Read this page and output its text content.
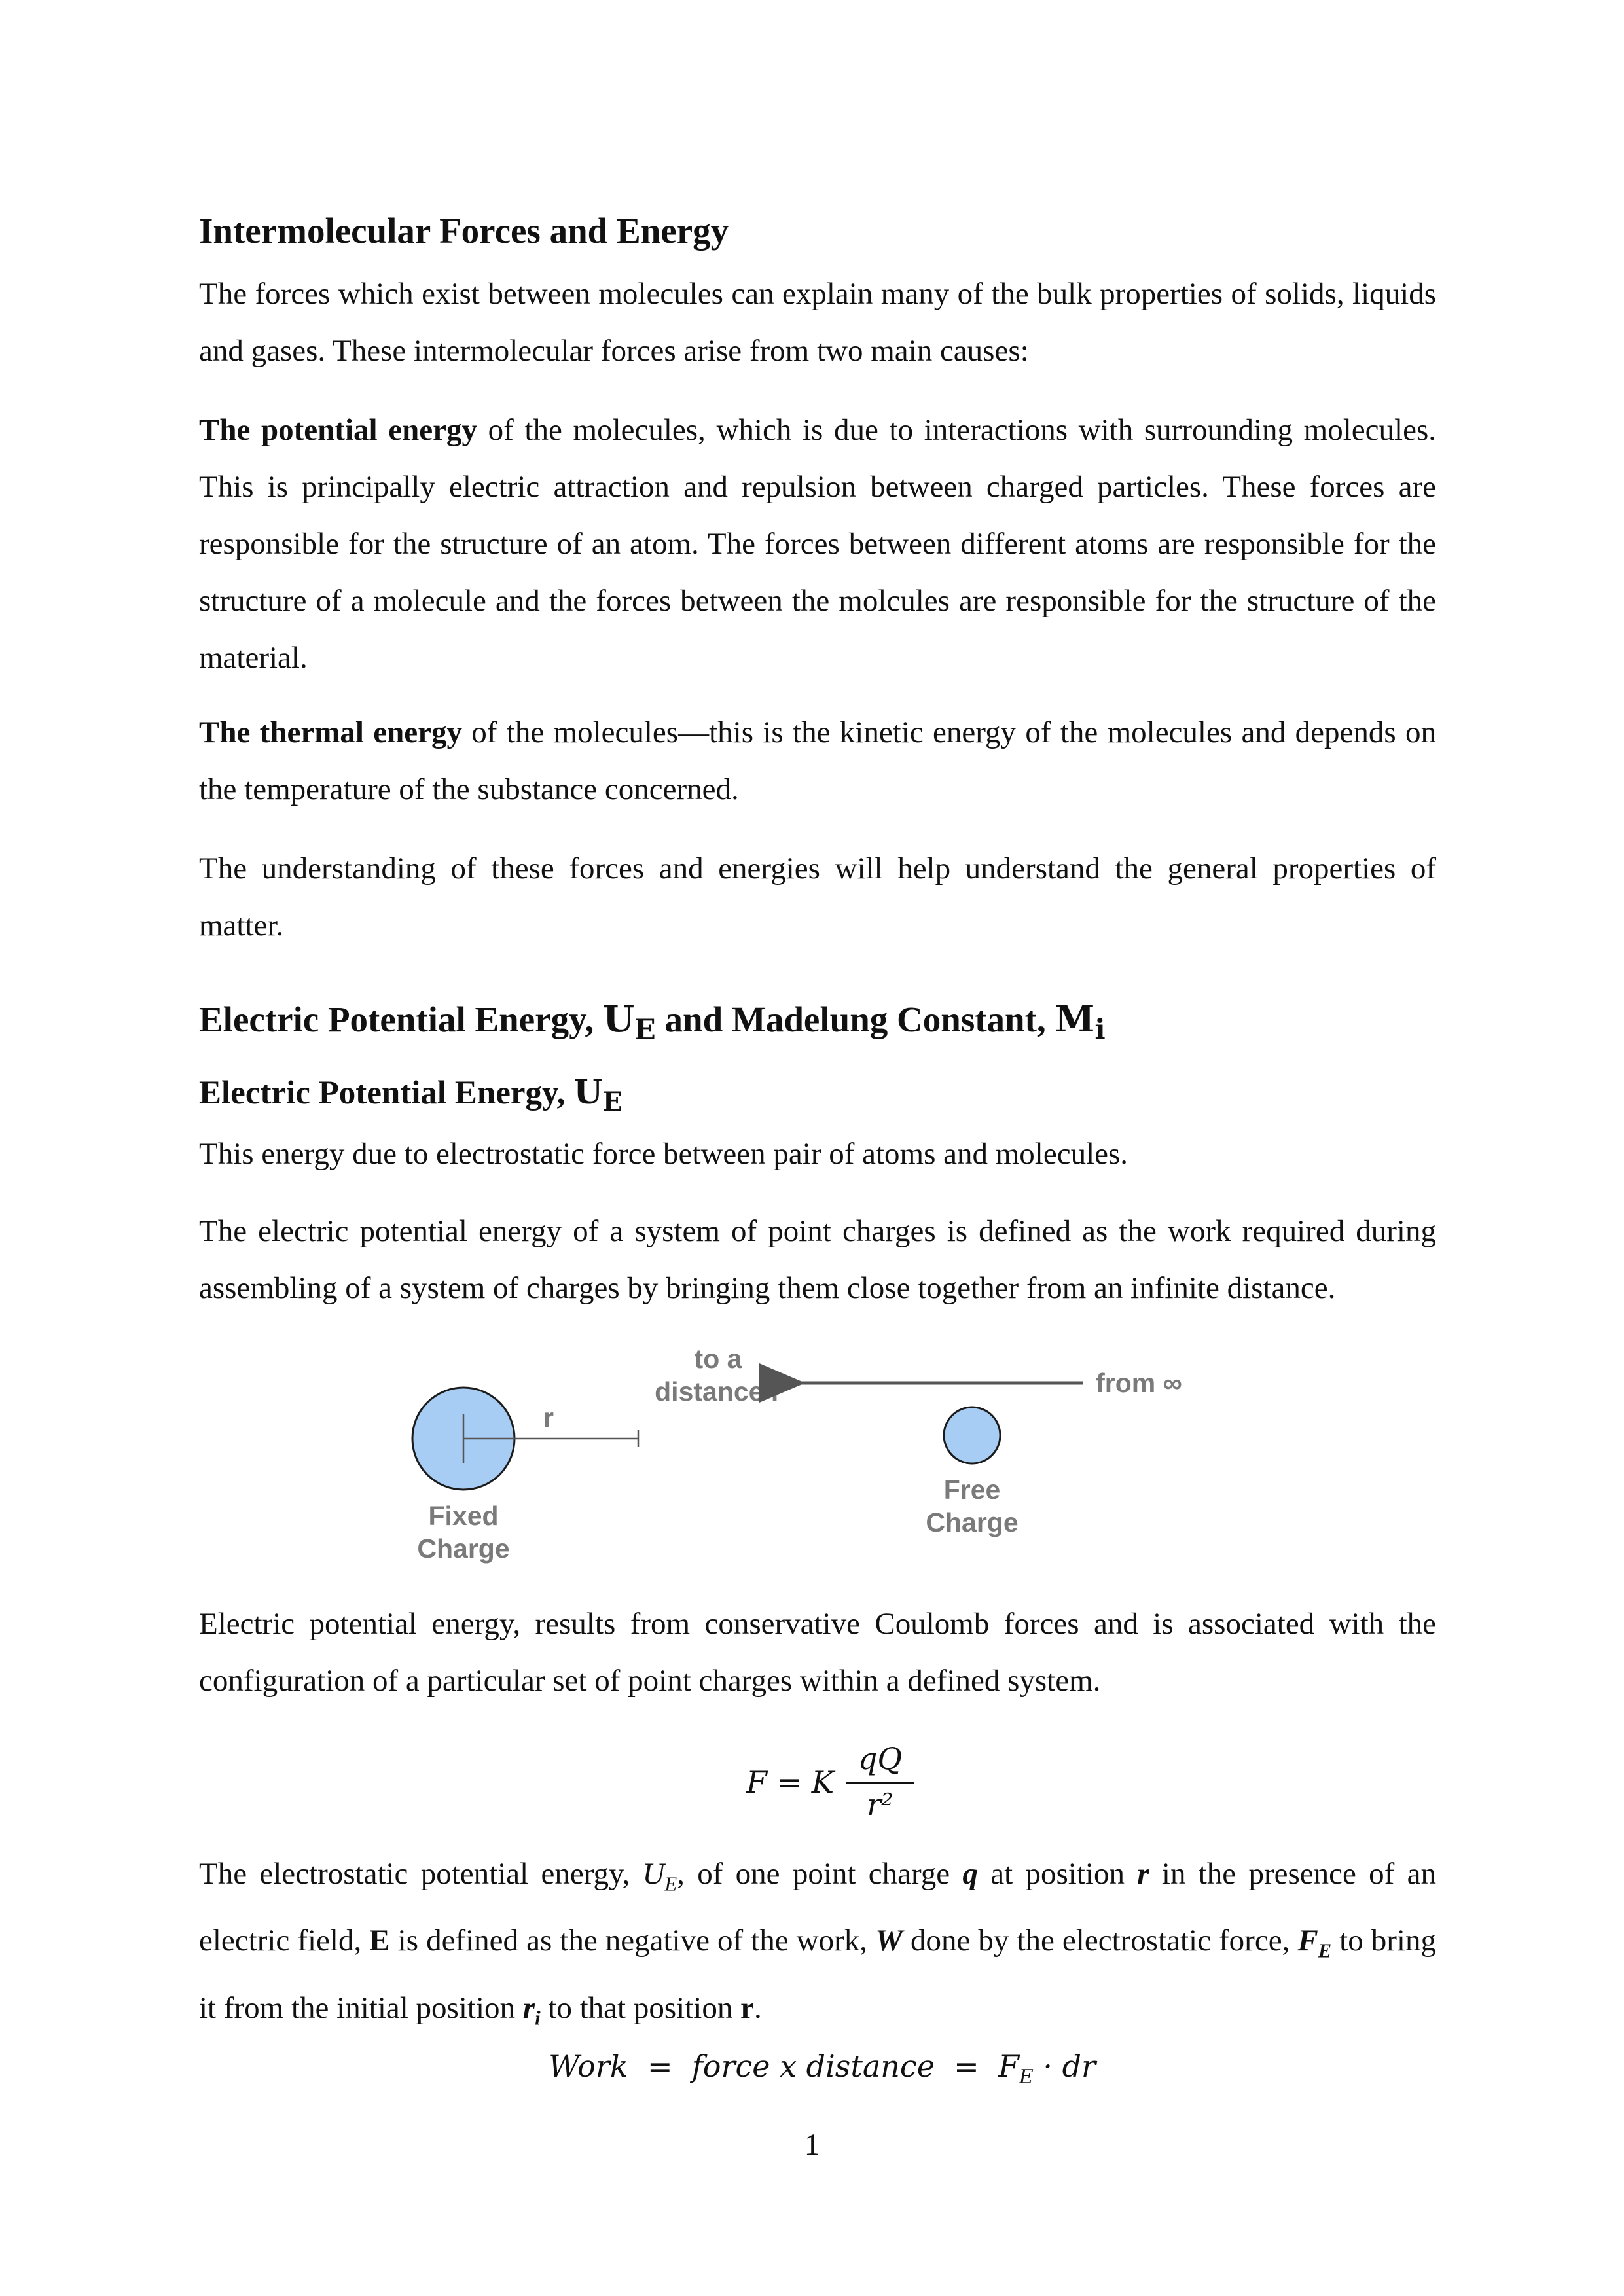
Intermolecular Forces and Energy

The forces which exist between molecules can explain many of the bulk properties of solids, liquids and gases. These intermolecular forces arise from two main causes:

The potential energy of the molecules, which is due to interactions with surrounding molecules. This is principally electric attraction and repulsion between charged particles. These forces are responsible for the structure of an atom. The forces between different atoms are responsible for the structure of a molecule and the forces between the molcules are responsible for the structure of the material.

The thermal energy of the molecules—this is the kinetic energy of the molecules and depends on the temperature of the substance concerned.

The understanding of these forces and energies will help understand the general properties of matter.

Electric Potential Energy, $U_E$ and Madelung Constant, $M_i$
Electric Potential Energy, $U_E$

This energy due to electrostatic force between pair of atoms and molecules.

The electric potential energy of a system of point charges is defined as the work required during assembling of a system of charges by bringing them close together from an infinite distance.

r
Fixed
Charge
to a
distance r	from ∞
Free
Charge

Electric potential energy, results from conservative Coulomb forces and is associated with the configuration of a particular set of point charges within a defined system.

F = K
qQ
r²

The electrostatic potential energy, $U_E$, of one point charge q at position r in the presence of an electric field, E is defined as the negative of the work, W done by the electrostatic force, $F_E$ to bring it from the initial position $r_i$ to that position r.

Work  =  force x distance  =  $F_E$ · dr
1
